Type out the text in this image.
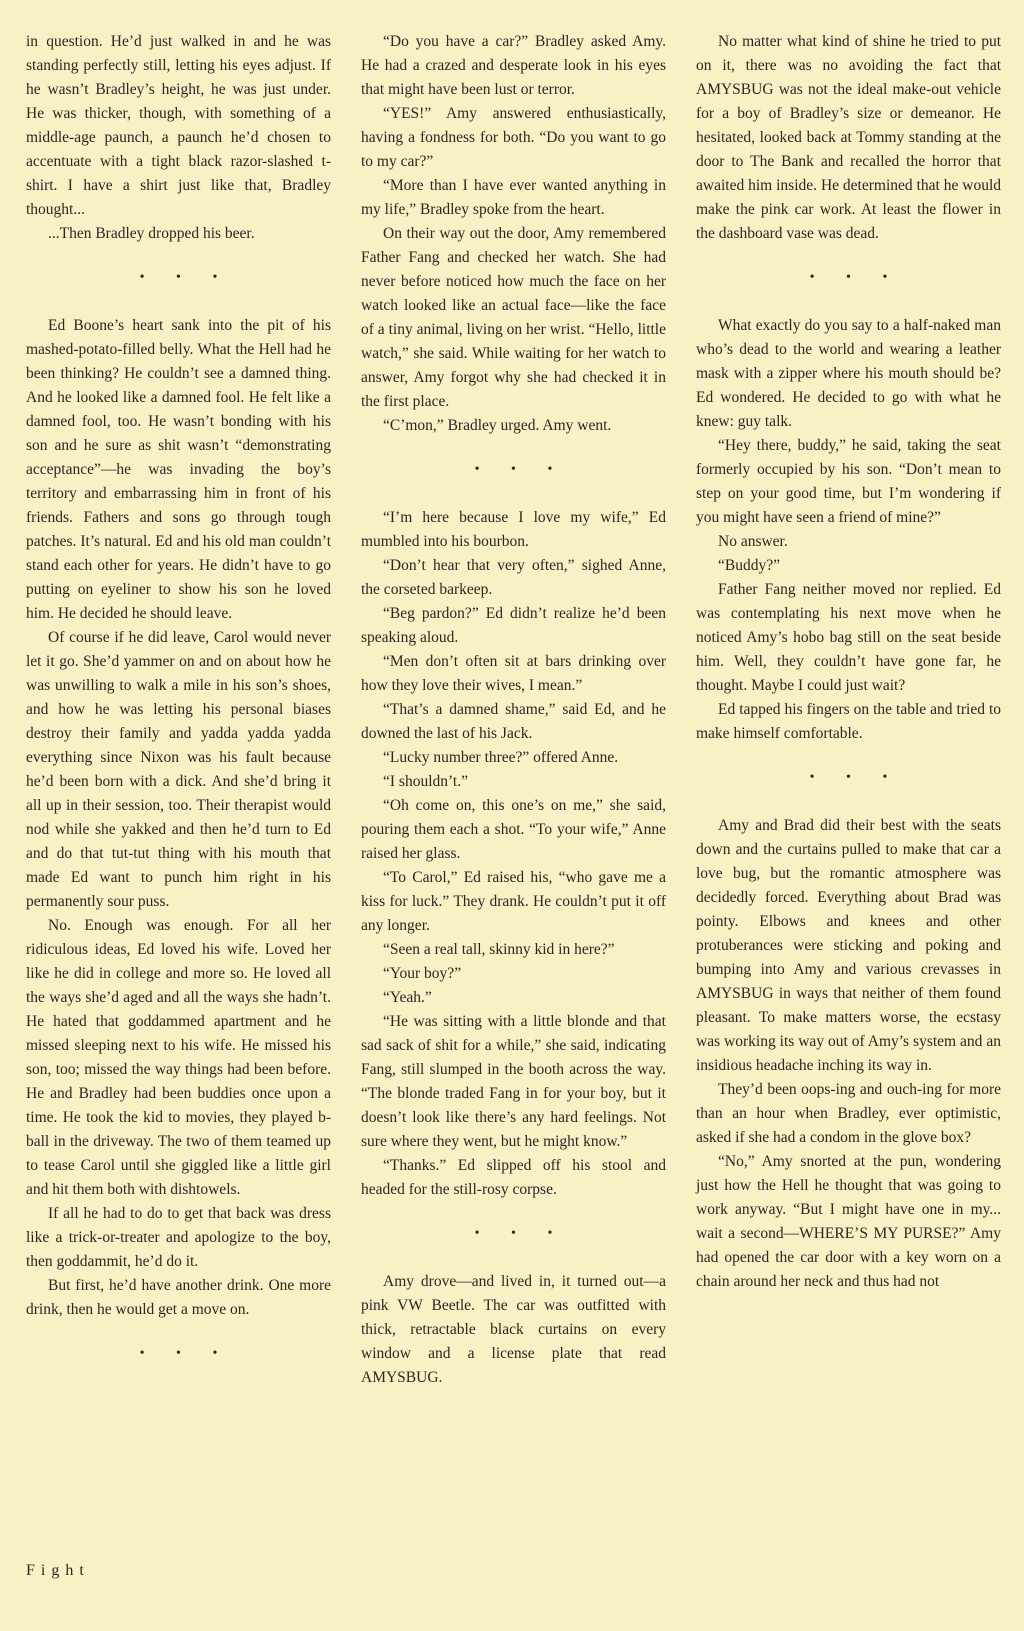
in question. He’d just walked in and he was standing perfectly still, letting his eyes adjust. If he wasn’t Bradley’s height, he was just under. He was thicker, though, with something of a middle-age paunch, a paunch he’d chosen to accentuate with a tight black razor-slashed t-shirt. I have a shirt just like that, Bradley thought...

...Then Bradley dropped his beer.

• • •

Ed Boone’s heart sank into the pit of his mashed-potato-filled belly. What the Hell had he been thinking? He couldn’t see a damned thing. And he looked like a damned fool. He felt like a damned fool, too. He wasn’t bonding with his son and he sure as shit wasn’t “demonstrating acceptance”—he was invading the boy’s territory and embarrassing him in front of his friends. Fathers and sons go through tough patches. It’s natural. Ed and his old man couldn’t stand each other for years. He didn’t have to go putting on eyeliner to show his son he loved him. He decided he should leave.

Of course if he did leave, Carol would never let it go. She’d yammer on and on about how he was unwilling to walk a mile in his son’s shoes, and how he was letting his personal biases destroy their family and yadda yadda yadda everything since Nixon was his fault because he’d been born with a dick. And she’d bring it all up in their session, too. Their therapist would nod while she yakked and then he’d turn to Ed and do that tut-tut thing with his mouth that made Ed want to punch him right in his permanently sour puss.

No. Enough was enough. For all her ridiculous ideas, Ed loved his wife. Loved her like he did in college and more so. He loved all the ways she’d aged and all the ways she hadn’t. He hated that goddammed apartment and he missed sleeping next to his wife. He missed his son, too; missed the way things had been before. He and Bradley had been buddies once upon a time. He took the kid to movies, they played b-ball in the driveway. The two of them teamed up to tease Carol until she giggled like a little girl and hit them both with dishtowels.

If all he had to do to get that back was dress like a trick-or-treater and apologize to the boy, then goddammit, he’d do it.

But first, he’d have another drink. One more drink, then he would get a move on.

• • •

“Do you have a car?” Bradley asked Amy. He had a crazed and desperate look in his eyes that might have been lust or terror.

“YES!” Amy answered enthusiastically, having a fondness for both. “Do you want to go to my car?”

“More than I have ever wanted anything in my life,” Bradley spoke from the heart.

On their way out the door, Amy remembered Father Fang and checked her watch. She had never before noticed how much the face on her watch looked like an actual face—like the face of a tiny animal, living on her wrist. “Hello, little watch,” she said. While waiting for her watch to answer, Amy forgot why she had checked it in the first place.

“C’mon,” Bradley urged. Amy went.

• • •

“I’m here because I love my wife,” Ed mumbled into his bourbon.

“Don’t hear that very often,” sighed Anne, the corseted barkeep.

“Beg pardon?” Ed didn’t realize he’d been speaking aloud.

“Men don’t often sit at bars drinking over how they love their wives, I mean.”

“That’s a damned shame,” said Ed, and he downed the last of his Jack.

“Lucky number three?” offered Anne.

“I shouldn’t.”

“Oh come on, this one’s on me,” she said, pouring them each a shot. “To your wife,” Anne raised her glass.

“To Carol,” Ed raised his, “who gave me a kiss for luck.” They drank. He couldn’t put it off any longer.

“Seen a real tall, skinny kid in here?”

“Your boy?”

“Yeah.”

“He was sitting with a little blonde and that sad sack of shit for a while,” she said, indicating Fang, still slumped in the booth across the way. “The blonde traded Fang in for your boy, but it doesn’t look like there’s any hard feelings. Not sure where they went, but he might know.”

“Thanks.” Ed slipped off his stool and headed for the still-rosy corpse.

• • •

Amy drove—and lived in, it turned out—a pink VW Beetle. The car was outfitted with thick, retractable black curtains on every window and a license plate that read AMYSBUG.

No matter what kind of shine he tried to put on it, there was no avoiding the fact that AMYSBUG was not the ideal make-out vehicle for a boy of Bradley’s size or demeanor. He hesitated, looked back at Tommy standing at the door to The Bank and recalled the horror that awaited him inside. He determined that he would make the pink car work. At least the flower in the dashboard vase was dead.

• • •

What exactly do you say to a half-naked man who’s dead to the world and wearing a leather mask with a zipper where his mouth should be? Ed wondered. He decided to go with what he knew: guy talk.

“Hey there, buddy,” he said, taking the seat formerly occupied by his son. “Don’t mean to step on your good time, but I’m wondering if you might have seen a friend of mine?”

No answer.

“Buddy?”

Father Fang neither moved nor replied. Ed was contemplating his next move when he noticed Amy’s hobo bag still on the seat beside him. Well, they couldn’t have gone far, he thought. Maybe I could just wait?

Ed tapped his fingers on the table and tried to make himself comfortable.

• • •

Amy and Brad did their best with the seats down and the curtains pulled to make that car a love bug, but the romantic atmosphere was decidedly forced. Everything about Brad was pointy. Elbows and knees and other protuberances were sticking and poking and bumping into Amy and various crevasses in AMYSBUG in ways that neither of them found pleasant. To make matters worse, the ecstasy was working its way out of Amy’s system and an insidious headache inching its way in.

They’d been oops-ing and ouch-ing for more than an hour when Bradley, ever optimistic, asked if she had a condom in the glove box?

“No,” Amy snorted at the pun, wondering just how the Hell he thought that was going to work anyway. “But I might have one in my... wait a second—WHERE’S MY PURSE?” Amy had opened the car door with a key worn on a chain around her neck and thus had not

Fight
